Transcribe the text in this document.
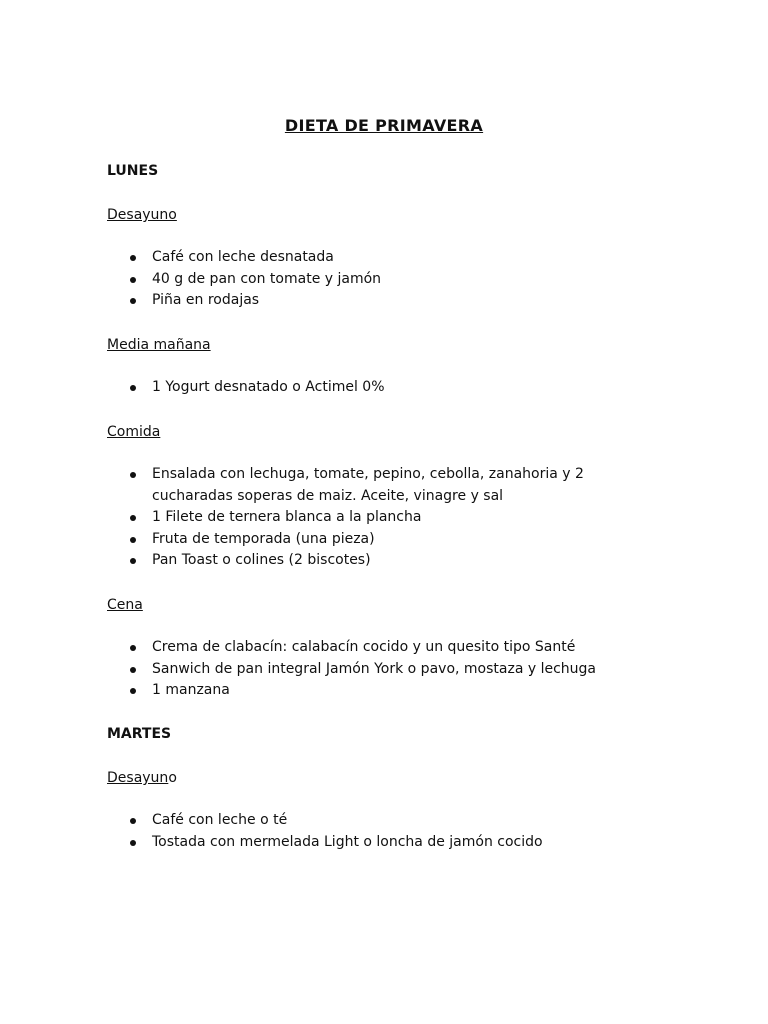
DIETA DE PRIMAVERA
LUNES
Desayuno
Café con leche desnatada
40 g de pan con tomate y jamón
Piña en rodajas
Media mañana
1 Yogurt desnatado o Actimel 0%
Comida
Ensalada con lechuga, tomate, pepino, cebolla, zanahoria y 2 cucharadas soperas de maiz. Aceite, vinagre y sal
1 Filete de ternera blanca a la plancha
Fruta de temporada (una pieza)
Pan Toast o colines (2 biscotes)
Cena
Crema de clabacín: calabacín cocido y un quesito tipo Santé
Sanwich de pan integral Jamón York o pavo, mostaza y lechuga
1 manzana
MARTES
Desayuno
Café con leche o té
Tostada con mermelada Light o loncha de jamón cocido
